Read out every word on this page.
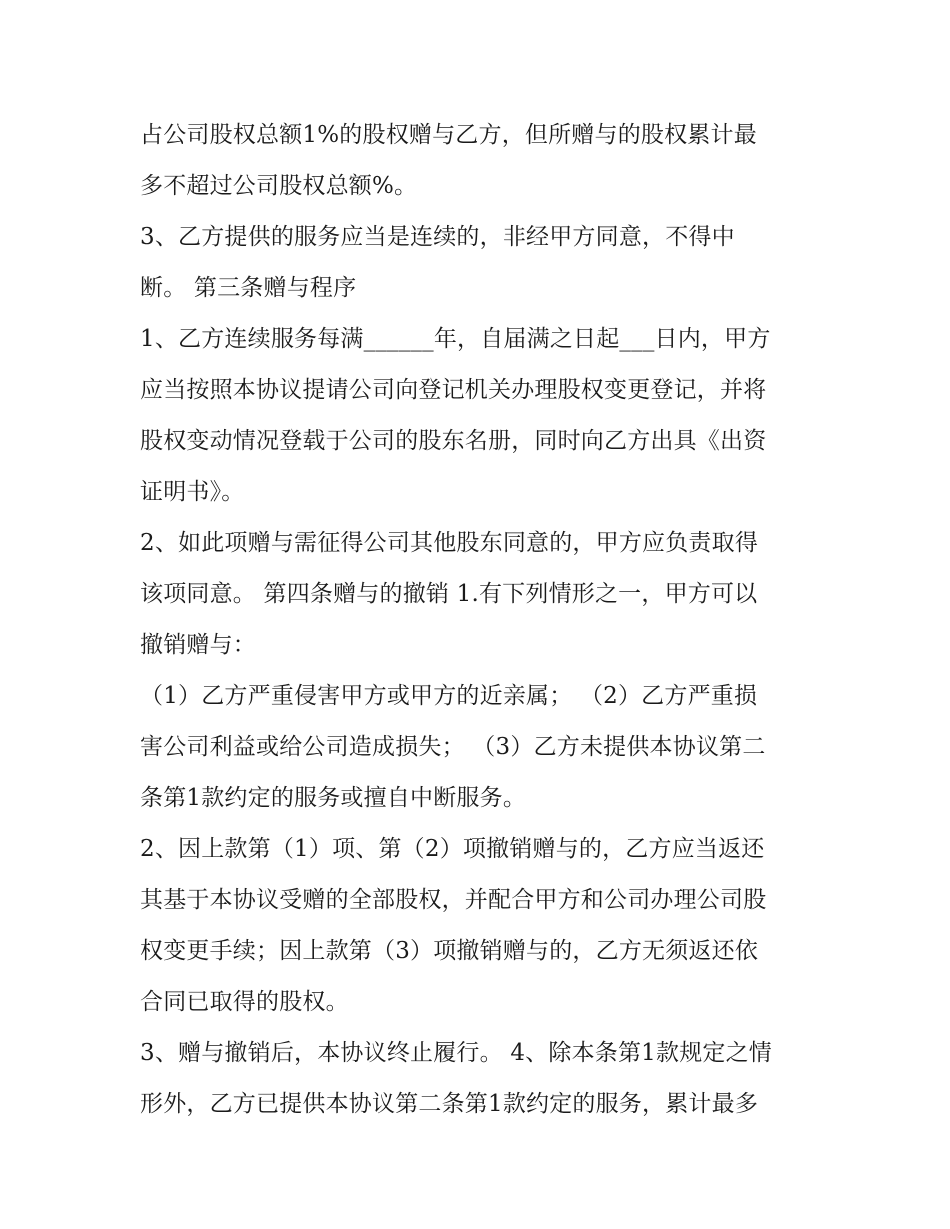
占公司股权总额1%的股权赠与乙方，但所赠与的股权累计最
多不超过公司股权总额%。
3、乙方提供的服务应当是连续的，非经甲方同意，不得中
断。 第三条赠与程序
1、乙方连续服务每满______年，自届满之日起___日内，甲方
应当按照本协议提请公司向登记机关办理股权变更登记，并将
股权变动情况登载于公司的股东名册，同时向乙方出具《出资
证明书》。
2、如此项赠与需征得公司其他股东同意的，甲方应负责取得
该项同意。 第四条赠与的撤销 1.有下列情形之一，甲方可以
撤销赠与：
（1）乙方严重侵害甲方或甲方的近亲属； （2）乙方严重损
害公司利益或给公司造成损失； （3）乙方未提供本协议第二
条第1款约定的服务或擅自中断服务。
2、因上款第（1）项、第（2）项撤销赠与的，乙方应当返还
其基于本协议受赠的全部股权，并配合甲方和公司办理公司股
权变更手续；因上款第（3）项撤销赠与的，乙方无须返还依
合同已取得的股权。
3、赠与撤销后，本协议终止履行。 4、除本条第1款规定之情
形外，乙方已提供本协议第二条第1款约定的服务，累计最多
